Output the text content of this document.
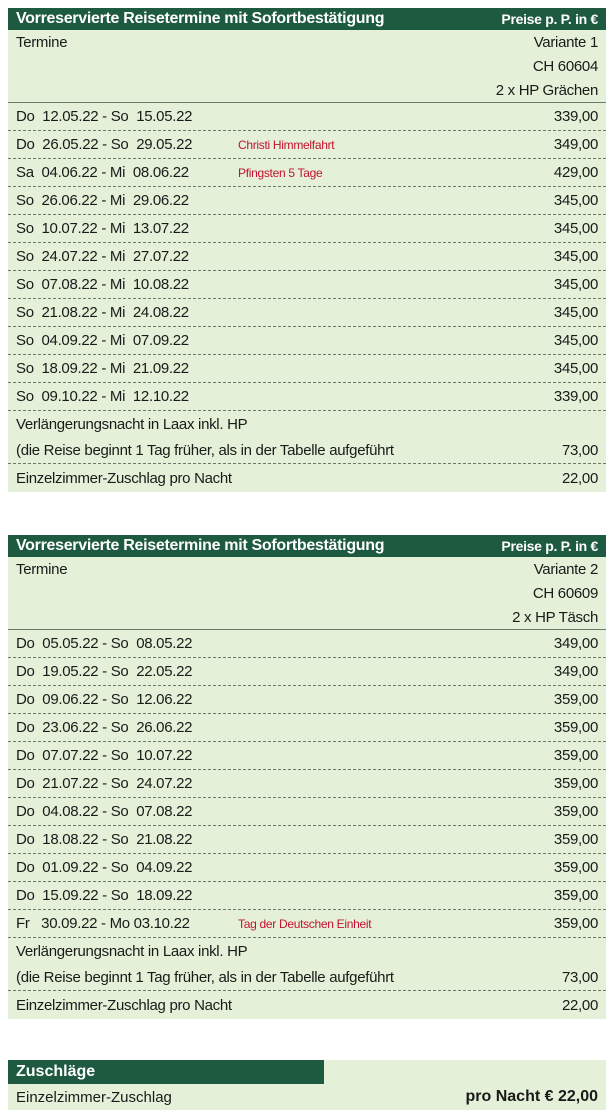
Vorreservierte Reisetermine mit Sofortbestätigung	Preise p. P. in €
Termine	Variante 1
CH 60604
2 x HP Grächen
Do  12.05.22 - So  15.05.22	339,00
Do  26.05.22 - So  29.05.22	Christi Himmelfahrt	349,00
Sa  04.06.22 - Mi  08.06.22	Pfingsten 5 Tage	429,00
So  26.06.22 - Mi  29.06.22	345,00
So  10.07.22 - Mi  13.07.22	345,00
So  24.07.22 - Mi  27.07.22	345,00
So  07.08.22 - Mi  10.08.22	345,00
So  21.08.22 - Mi  24.08.22	345,00
So  04.09.22 - Mi  07.09.22	345,00
So  18.09.22 - Mi  21.09.22	345,00
So  09.10.22 - Mi  12.10.22	339,00
Verlängerungsnacht in Laax inkl. HP
(die Reise beginnt 1 Tag früher, als in der Tabelle aufgeführt	73,00
Einzelzimmer-Zuschlag pro Nacht	22,00
Vorreservierte Reisetermine mit Sofortbestätigung	Preise p. P. in €
Termine	Variante 2
CH 60609
2 x HP Täsch
Do  05.05.22 - So  08.05.22	349,00
Do  19.05.22 - So  22.05.22	349,00
Do  09.06.22 - So  12.06.22	359,00
Do  23.06.22 - So  26.06.22	359,00
Do  07.07.22 - So  10.07.22	359,00
Do  21.07.22 - So  24.07.22	359,00
Do  04.08.22 - So  07.08.22	359,00
Do  18.08.22 - So  21.08.22	359,00
Do  01.09.22 - So  04.09.22	359,00
Do  15.09.22 - So  18.09.22	359,00
Fr   30.09.22 - Mo 03.10.22	Tag der Deutschen Einheit	359,00
Verlängerungsnacht in Laax inkl. HP
(die Reise beginnt 1 Tag früher, als in der Tabelle aufgeführt	73,00
Einzelzimmer-Zuschlag pro Nacht	22,00
Zuschläge
Einzelzimmer-Zuschlag	pro Nacht € 22,00
